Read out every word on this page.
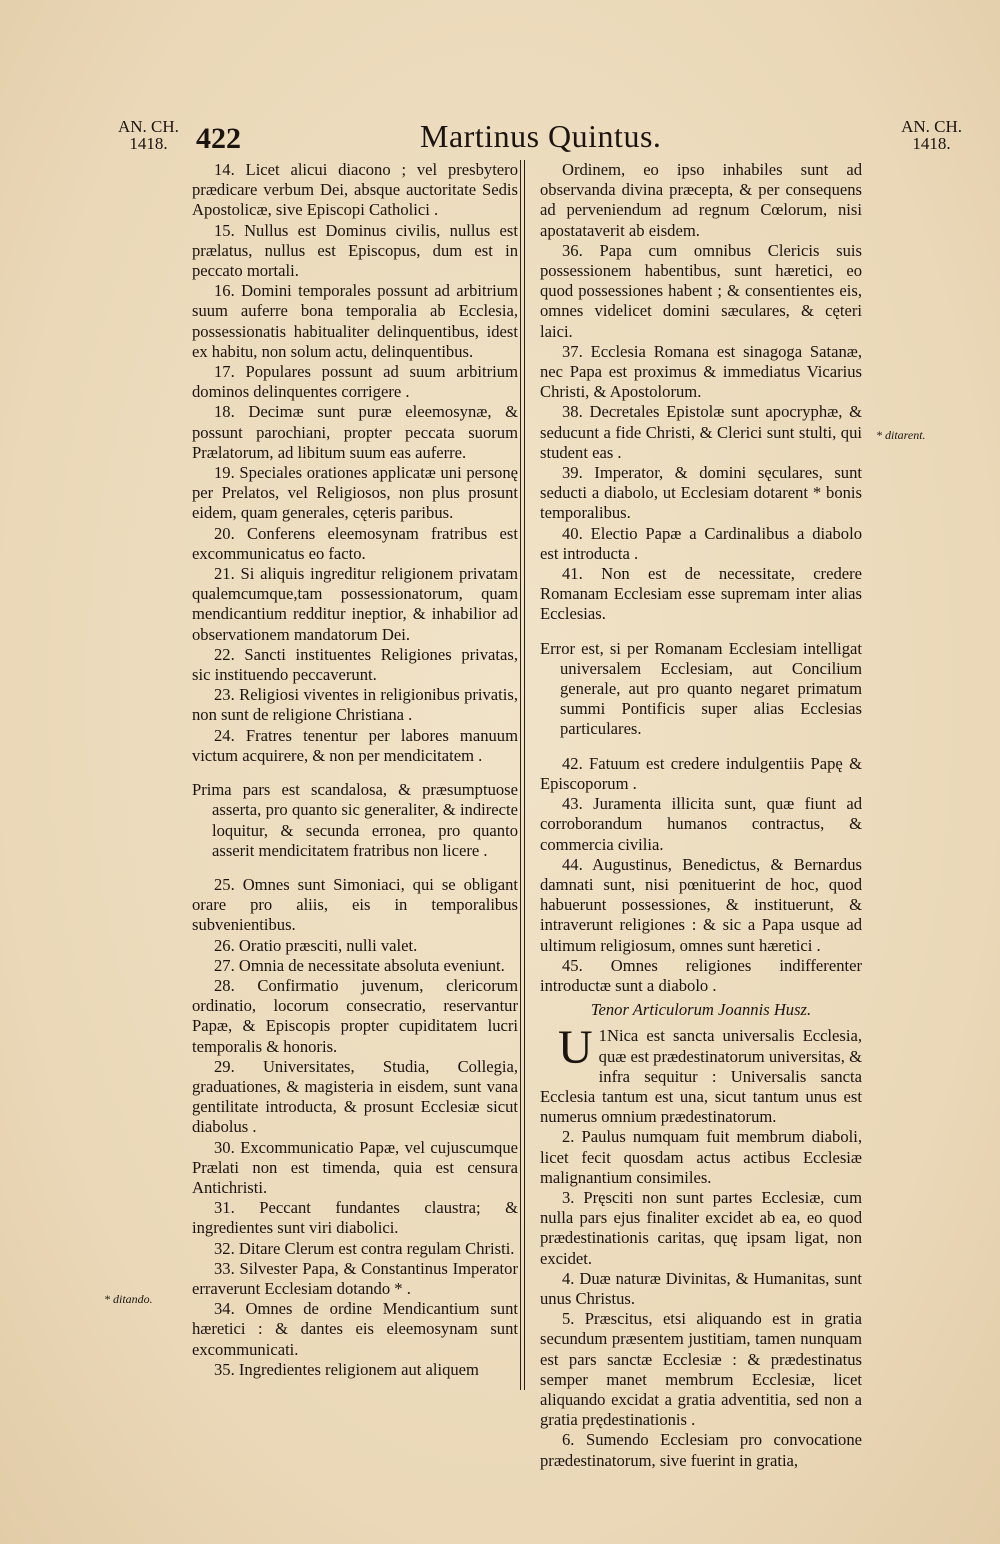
AN. CH.
1418. 422	Martinus Quintus.	AN. CH.
1418.

14. Licet alicui diacono ; vel presbytero prædicare verbum Dei, absque auctoritate Sedis Apostolicæ, sive Episcopi Catholici .

15. Nullus est Dominus civilis, nullus est prælatus, nullus est Episcopus, dum est in peccato mortali.

16. Domini temporales possunt ad arbitrium suum auferre bona temporalia ab Ecclesia, possessionatis habitualiter delinquentibus, idest ex habitu, non solum actu, delinquentibus.

17. Populares possunt ad suum arbitrium dominos delinquentes corrigere .

18. Decimæ sunt puræ eleemosynæ, & possunt parochiani, propter peccata suorum Prælatorum, ad libitum suum eas auferre.

19. Speciales orationes applicatæ uni personę per Prelatos, vel Religiosos, non plus prosunt eidem, quam generales, cęteris paribus.

20. Conferens eleemosynam fratribus est excommunicatus eo facto.

21. Si aliquis ingreditur religionem privatam qualemcumque,tam possessionatorum, quam mendicantium redditur ineptior, & inhabilior ad observationem mandatorum Dei.

22. Sancti instituentes Religiones privatas, sic instituendo peccaverunt.

23. Religiosi viventes in religionibus privatis, non sunt de religione Christiana .

24. Fratres tenentur per labores manuum victum acquirere, & non per mendicitatem .

Prima pars est scandalosa, & præsumptuose asserta, pro quanto sic generaliter, & indirecte loquitur, & secunda erronea, pro quanto asserit mendicitatem fratribus non licere .

25. Omnes sunt Simoniaci, qui se obligant orare pro aliis, eis in temporalibus subvenientibus.

26. Oratio præsciti, nulli valet.

27. Omnia de necessitate absoluta eveniunt.

28. Confirmatio juvenum, clericorum ordinatio, locorum consecratio, reservantur Papæ, & Episcopis propter cupiditatem lucri temporalis & honoris.

29. Universitates, Studia, Collegia, graduationes, & magisteria in eisdem, sunt vana gentilitate introducta, & prosunt Ecclesiæ sicut diabolus .

30. Excommunicatio Papæ, vel cujuscumque Prælati non est timenda, quia est censura Antichristi.

31. Peccant fundantes claustra; & ingredientes sunt viri diabolici.

32. Ditare Clerum est contra regulam Christi.

33. Silvester Papa, & Constantinus Imperator erraverunt Ecclesiam dotando * .

34. Omnes de ordine Mendicantium sunt hæretici : & dantes eis eleemosynam sunt excommunicati.

35. Ingredientes religionem aut aliquem

Ordinem, eo ipso inhabiles sunt ad observanda divina præcepta, & per consequens ad perveniendum ad regnum Cœlorum, nisi apostataverit ab eisdem.

36. Papa cum omnibus Clericis suis possessionem habentibus, sunt hæretici, eo quod possessiones habent ; & consentientes eis, omnes videlicet domini sæculares, & cęteri laici.

37. Ecclesia Romana est sinagoga Satanæ, nec Papa est proximus & immediatus Vicarius Christi, & Apostolorum.

38. Decretales Epistolæ sunt apocryphæ, & seducunt a fide Christi, & Clerici sunt stulti, qui student eas .

39. Imperator, & domini sęculares, sunt seducti a diabolo, ut Ecclesiam dotarent * bonis temporalibus.

40. Electio Papæ a Cardinalibus a diabolo est introducta .

41. Non est de necessitate, credere Romanam Ecclesiam esse supremam inter alias Ecclesias.

Error est, si per Romanam Ecclesiam intelligat universalem Ecclesiam, aut Concilium generale, aut pro quanto negaret primatum summi Pontificis super alias Ecclesias particulares.

42. Fatuum est credere indulgentiis Papę & Episcoporum .

43. Juramenta illicita sunt, quæ fiunt ad corroborandum humanos contractus, & commercia civilia.

44. Augustinus, Benedictus, & Bernardus damnati sunt, nisi pœnituerint de hoc, quod habuerunt possessiones, & instituerunt, & intraverunt religiones : & sic a Papa usque ad ultimum religiosum, omnes sunt hæretici .

45. Omnes religiones indifferenter introductæ sunt a diabolo .

Tenor Articulorum Joannis Husz.

1
U Nica est sancta universalis Ecclesia, quæ est prædestinatorum universitas, & infra sequitur : Universalis sancta Ecclesia tantum est una, sicut tantum unus est numerus omnium prædestinatorum.

2. Paulus numquam fuit membrum diaboli, licet fecit quosdam actus actibus Ecclesiæ malignantium consimiles.

3. Pręsciti non sunt partes Ecclesiæ, cum nulla pars ejus finaliter excidet ab ea, eo quod prædestinationis caritas, quę ipsam ligat, non excidet.

4. Duæ naturæ Divinitas, & Humanitas, sunt unus Christus.

5. Præscitus, etsi aliquando est in gratia secundum præsentem justitiam, tamen nunquam est pars sanctæ Ecclesiæ : & prædestinatus semper manet membrum Ecclesiæ, licet aliquando excidat a gratia adventitia, sed non a gratia prędestinationis .

6. Sumendo Ecclesiam pro convocatione prædestinatorum, sive fuerint in gratia,

* ditando.
* ditarent.
